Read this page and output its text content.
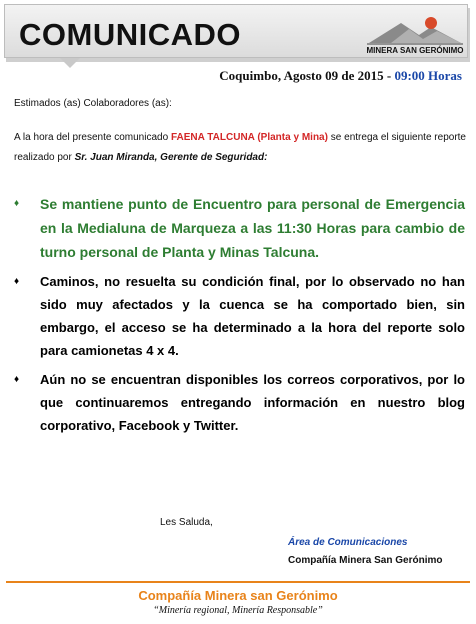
COMUNICADO	MINERA SAN GERÓNIMO
Coquimbo, Agosto 09 de 2015 - 09:00 Horas
Estimados (as) Colaboradores (as):
A la hora del presente comunicado FAENA TALCUNA (Planta y Mina) se entrega el siguiente reporte realizado por Sr. Juan Miranda, Gerente de Seguridad:
♦ Se mantiene punto de Encuentro para personal de Emergencia en la Medialuna de Marqueza a las 11:30 Horas para cambio de turno personal de Planta y Minas Talcuna.
♦ Caminos, no resuelta su condición final, por lo observado no han sido muy afectados y la cuenca se ha comportado bien, sin embargo, el acceso se ha determinado a la hora del reporte solo para camionetas 4 x 4.
♦ Aún no se encuentran disponibles los correos corporativos, por lo que continuaremos entregando información en nuestro blog corporativo, Facebook y Twitter.
Les Saluda,
Área de Comunicaciones
Compañía Minera San Gerónimo
Compañía Minera san Gerónimo
“Minería regional, Minería Responsable”
